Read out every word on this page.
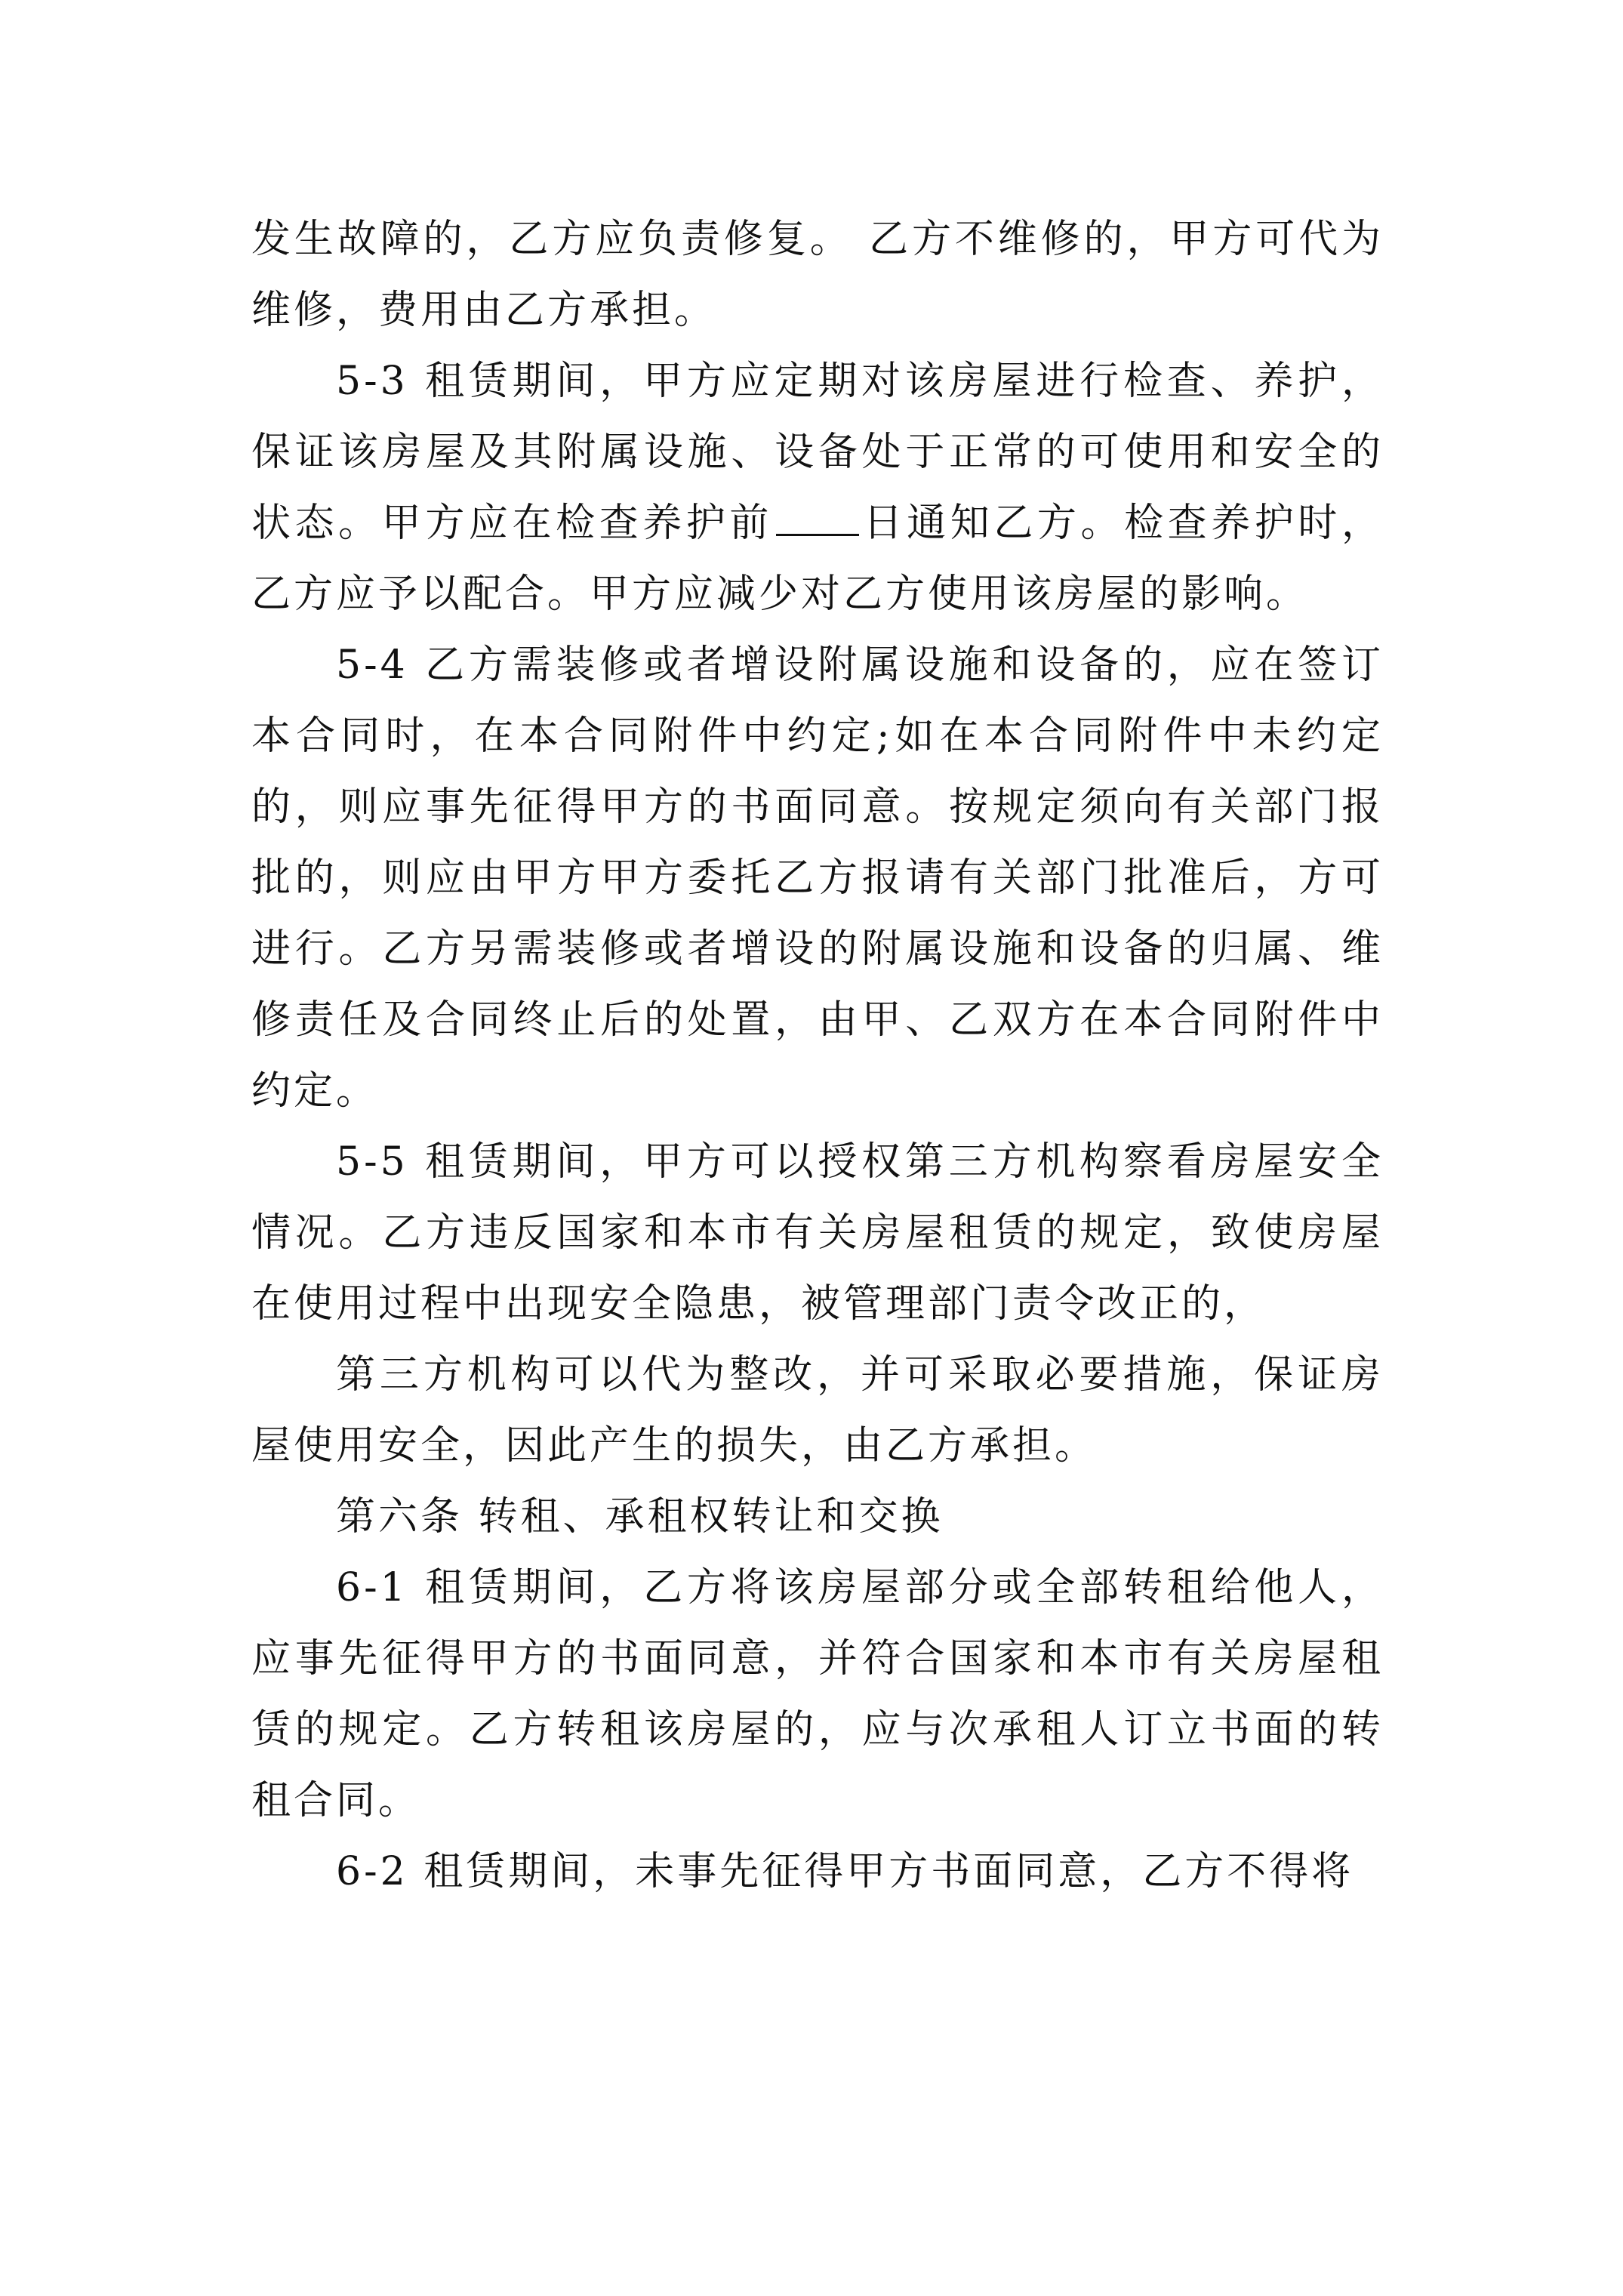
发生故障的，乙方应负责修复。 乙方不维修的，甲方可代为维修，费用由乙方承担。

5-3 租赁期间，甲方应定期对该房屋进行检查、养护，保证该房屋及其附属设施、设备处于正常的可使用和安全的状态。甲方应在检查养护前 日通知乙方。检查养护时，乙方应予以配合。甲方应减少对乙方使用该房屋的影响。

5-4 乙方需装修或者增设附属设施和设备的，应在签订本合同时，在本合同附件中约定;如在本合同附件中未约定的，则应事先征得甲方的书面同意。按规定须向有关部门报批的，则应由甲方甲方委托乙方报请有关部门批准后，方可进行。乙方另需装修或者增设的附属设施和设备的归属、维修责任及合同终止后的处置，由甲、乙双方在本合同附件中约定。

5-5 租赁期间，甲方可以授权第三方机构察看房屋安全情况。乙方违反国家和本市有关房屋租赁的规定，致使房屋在使用过程中出现安全隐患，被管理部门责令改正的，

第三方机构可以代为整改，并可采取必要措施，保证房屋使用安全，因此产生的损失，由乙方承担。

第六条 转租、承租权转让和交换

6-1 租赁期间，乙方将该房屋部分或全部转租给他人，应事先征得甲方的书面同意，并符合国家和本市有关房屋租赁的规定。乙方转租该房屋的，应与次承租人订立书面的转租合同。

6-2 租赁期间，未事先征得甲方书面同意，乙方不得将
